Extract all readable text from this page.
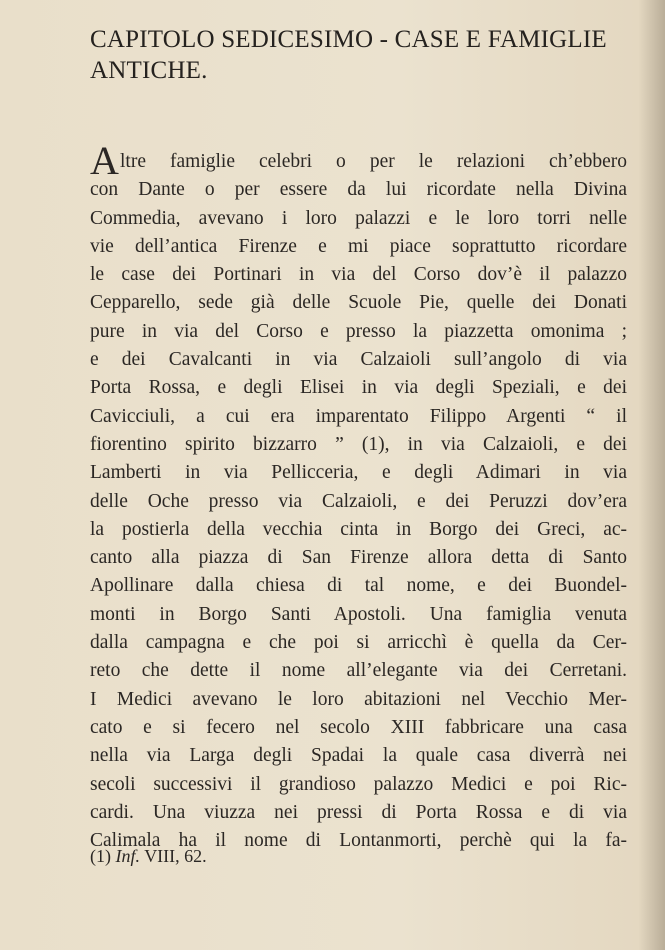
CAPITOLO SEDICESIMO - CASE E FAMIGLIE
ANTICHE.
A ltre famiglie celebri o per le relazioni ch’ebbero
con Dante o per essere da lui ricordate nella Divina
Commedia, avevano i loro palazzi e le loro torri nelle
vie dell’antica Firenze e mi piace soprattutto ricordare
le case dei Portinari in via del Corso dov’è il palazzo
Cepparello, sede già delle Scuole Pie, quelle dei Donati
pure in via del Corso e presso la piazzetta omonima ;
e dei Cavalcanti in via Calzaioli sull’angolo di via
Porta Rossa, e degli Elisei in via degli Speziali, e dei
Cavicciuli, a cui era imparentato Filippo Argenti “ il
fiorentino spirito bizzarro ” (1), in via Calzaioli, e dei
Lamberti in via Pellicceria, e degli Adimari in via
delle Oche presso via Calzaioli, e dei Peruzzi dov’era
la postierla della vecchia cinta in Borgo dei Greci, ac-
canto alla piazza di San Firenze allora detta di Santo
Apollinare dalla chiesa di tal nome, e dei Buondel-
monti in Borgo Santi Apostoli. Una famiglia venuta
dalla campagna e che poi si arricchì è quella da Cer-
reto che dette il nome all’elegante via dei Cerretani.
I Medici avevano le loro abitazioni nel Vecchio Mer-
cato e si fecero nel secolo XIII fabbricare una casa
nella via Larga degli Spadai la quale casa diverrà nei
secoli successivi il grandioso palazzo Medici e poi Ric-
cardi. Una viuzza nei pressi di Porta Rossa e di via
Calimala ha il nome di Lontanmorti, perchè qui la fa-
(1) Inf. VIII, 62.
